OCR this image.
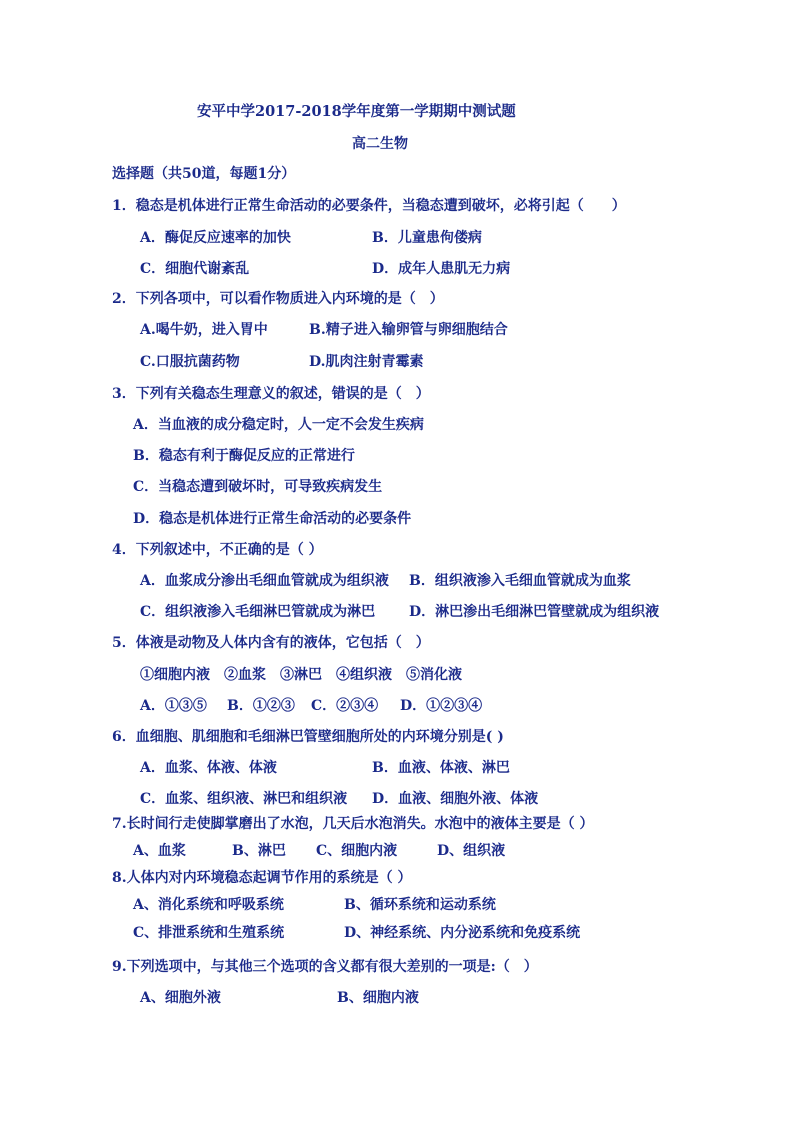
安平中学2017-2018学年度第一学期期中测试题
高二生物
选择题（共50道，每题1分）
1．稳态是机体进行正常生命活动的必要条件，当稳态遭到破坏，必将引起（　　）
A．酶促反应速率的加快	B．儿童患佝偻病
C．细胞代谢紊乱	D．成年人患肌无力病
2．下列各项中，可以看作物质进入内环境的是（　）
A.喝牛奶，进入胃中	B.精子进入输卵管与卵细胞结合
C.口服抗菌药物	D.肌肉注射青霉素
3．下列有关稳态生理意义的叙述，错误的是（　）
A．当血液的成分稳定时，人一定不会发生疾病
B．稳态有利于酶促反应的正常进行
C．当稳态遭到破坏时，可导致疾病发生
D．稳态是机体进行正常生命活动的必要条件
4．下列叙述中，不正确的是（ ）
A．血浆成分渗出毛细血管就成为组织液 B．组织液渗入毛细血管就成为血浆
C．组织液渗入毛细淋巴管就成为淋巴 D．淋巴渗出毛细淋巴管壁就成为组织液
5．体液是动物及人体内含有的液体，它包括（　）
①细胞内液　②血浆　③淋巴　④组织液　⑤消化液
A．①③⑤ B．①②③ C．②③④ D．①②③④
6．血细胞、肌细胞和毛细淋巴管壁细胞所处的内环境分别是( )
A．血浆、体液、体液	B．血液、体液、淋巴
C．血浆、组织液、淋巴和组织液 D．血液、细胞外液、体液
7.长时间行走使脚掌磨出了水泡，几天后水泡消失。水泡中的液体主要是（ ）
A、血浆	B、淋巴 C、细胞内液	D、组织液
8.人体内对内环境稳态起调节作用的系统是（ ）
A、消化系统和呼吸系统	B、循环系统和运动系统
C、排泄系统和生殖系统	D、神经系统、内分泌系统和免疫系统
9.下列选项中，与其他三个选项的含义都有很大差别的一项是:（　）
A、细胞外液	B、细胞内液
